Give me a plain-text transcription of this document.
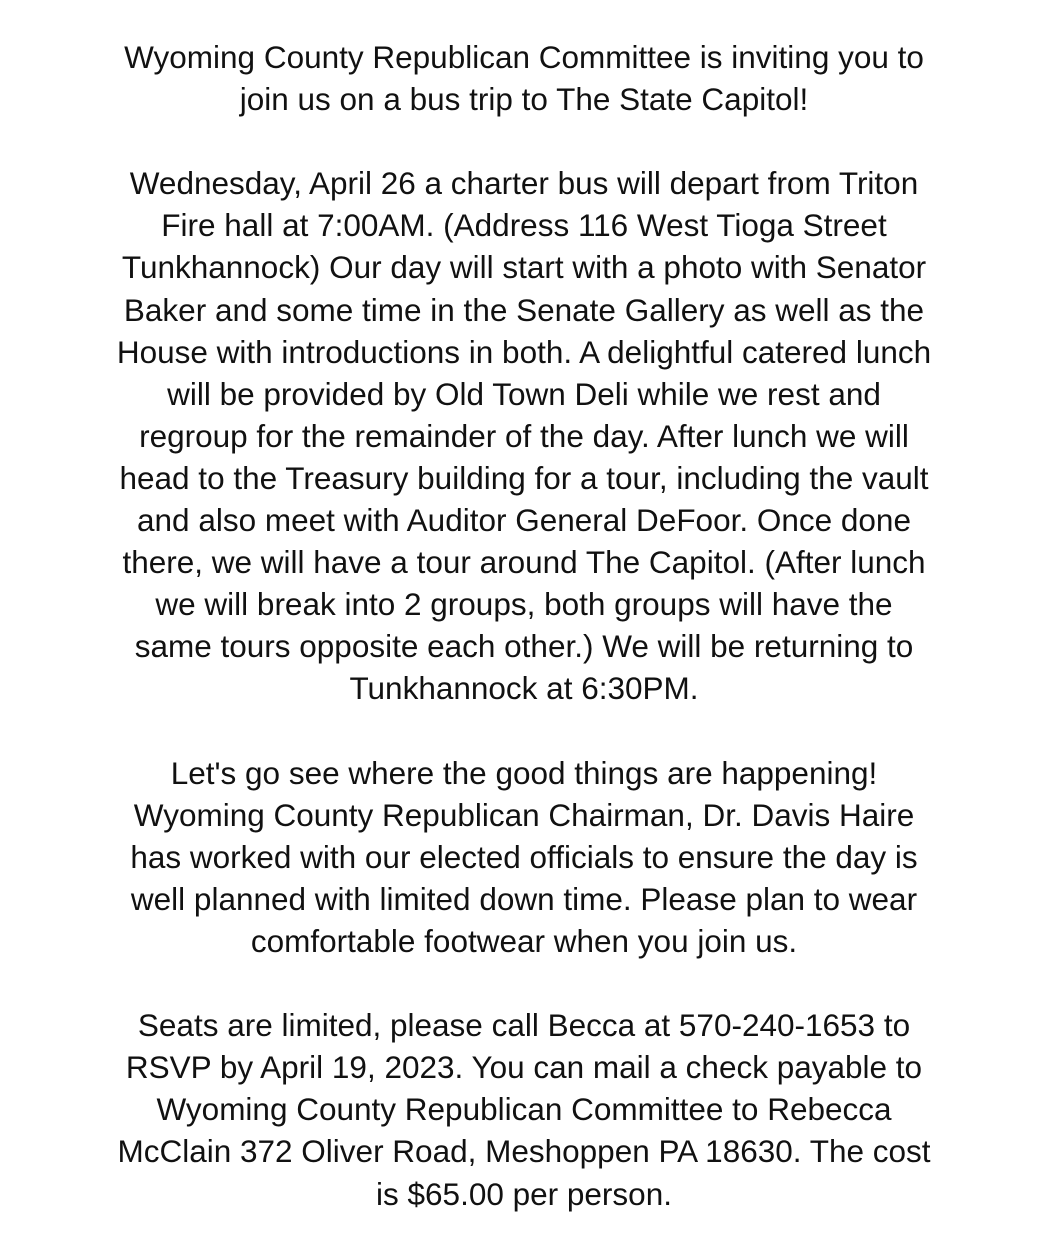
Wyoming County Republican Committee is inviting you to
join us on a bus trip to The State Capitol!
Wednesday, April 26 a charter bus will depart from Triton
Fire hall at 7:00AM. (Address 116 West Tioga Street
Tunkhannock) Our day will start with a photo with Senator
Baker and some time in the Senate Gallery as well as the
House with introductions in both. A delightful catered lunch
will be provided by Old Town Deli while we rest and
regroup for the remainder of the day. After lunch we will
head to the Treasury building for a tour, including the vault
and also meet with Auditor General DeFoor. Once done
there, we will have a tour around The Capitol. (After lunch
we will break into 2 groups, both groups will have the
same tours opposite each other.) We will be returning to
Tunkhannock at 6:30PM.
Let's go see where the good things are happening!
Wyoming County Republican Chairman, Dr. Davis Haire
has worked with our elected officials to ensure the day is
well planned with limited down time. Please plan to wear
comfortable footwear when you join us.
Seats are limited, please call Becca at 570-240-1653 to
RSVP by April 19, 2023. You can mail a check payable to
Wyoming County Republican Committee to Rebecca
McClain 372 Oliver Road, Meshoppen PA 18630. The cost
is $65.00 per person.
